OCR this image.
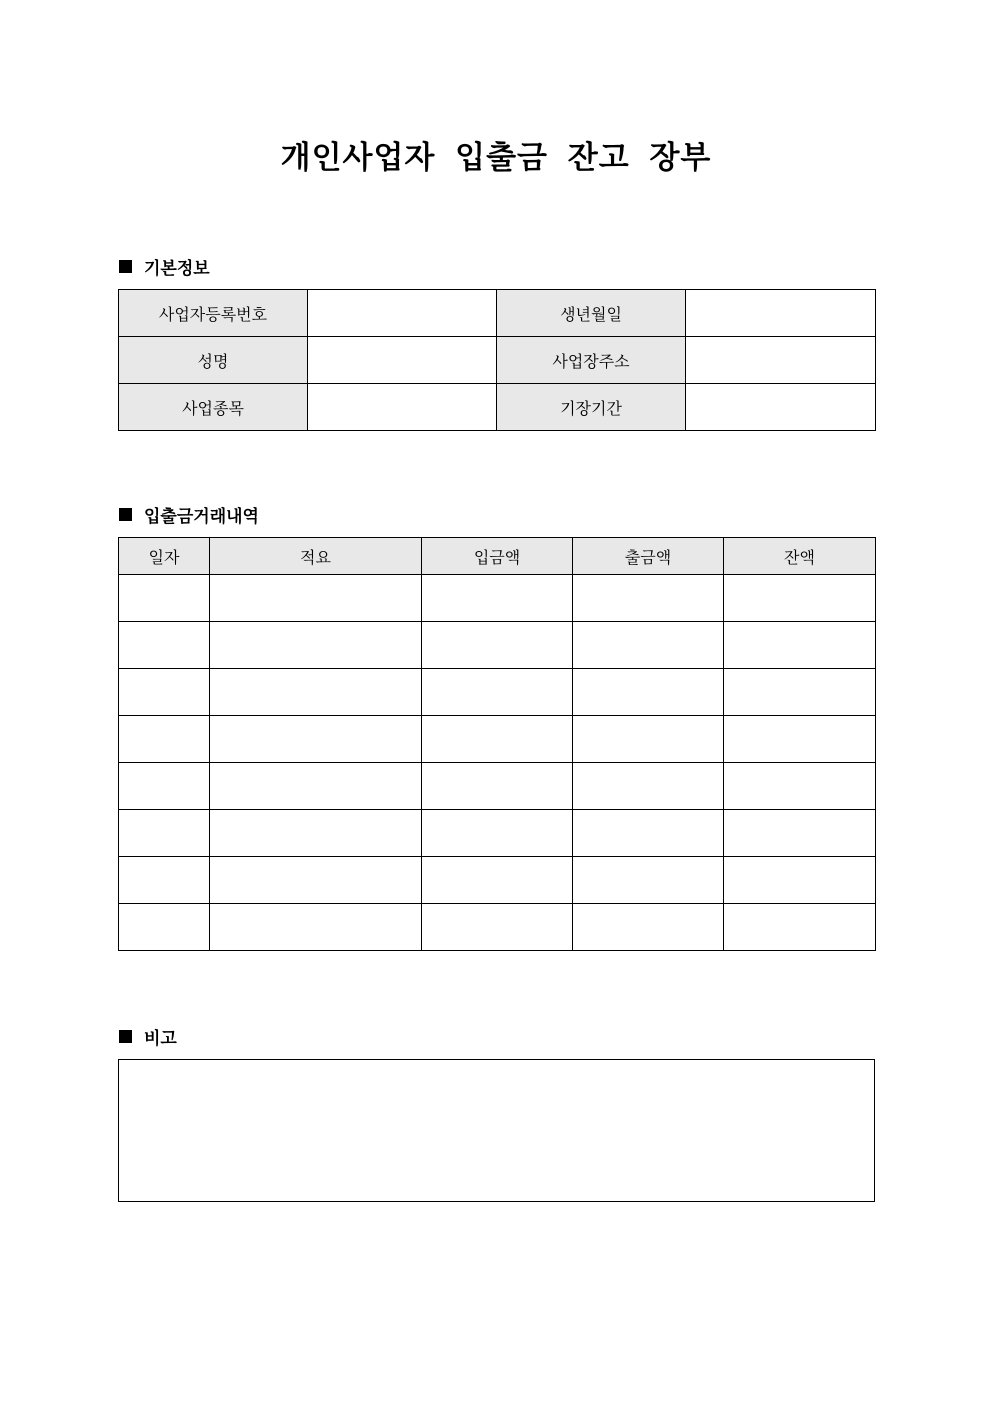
개인사업자 입출금 잔고 장부
기본정보
사업자등록번호		생년월일	
성명		사업장주소	
사업종목		기장기간	
입출금거래내역
일자	적요	입금액	출금액	잔액

비고
